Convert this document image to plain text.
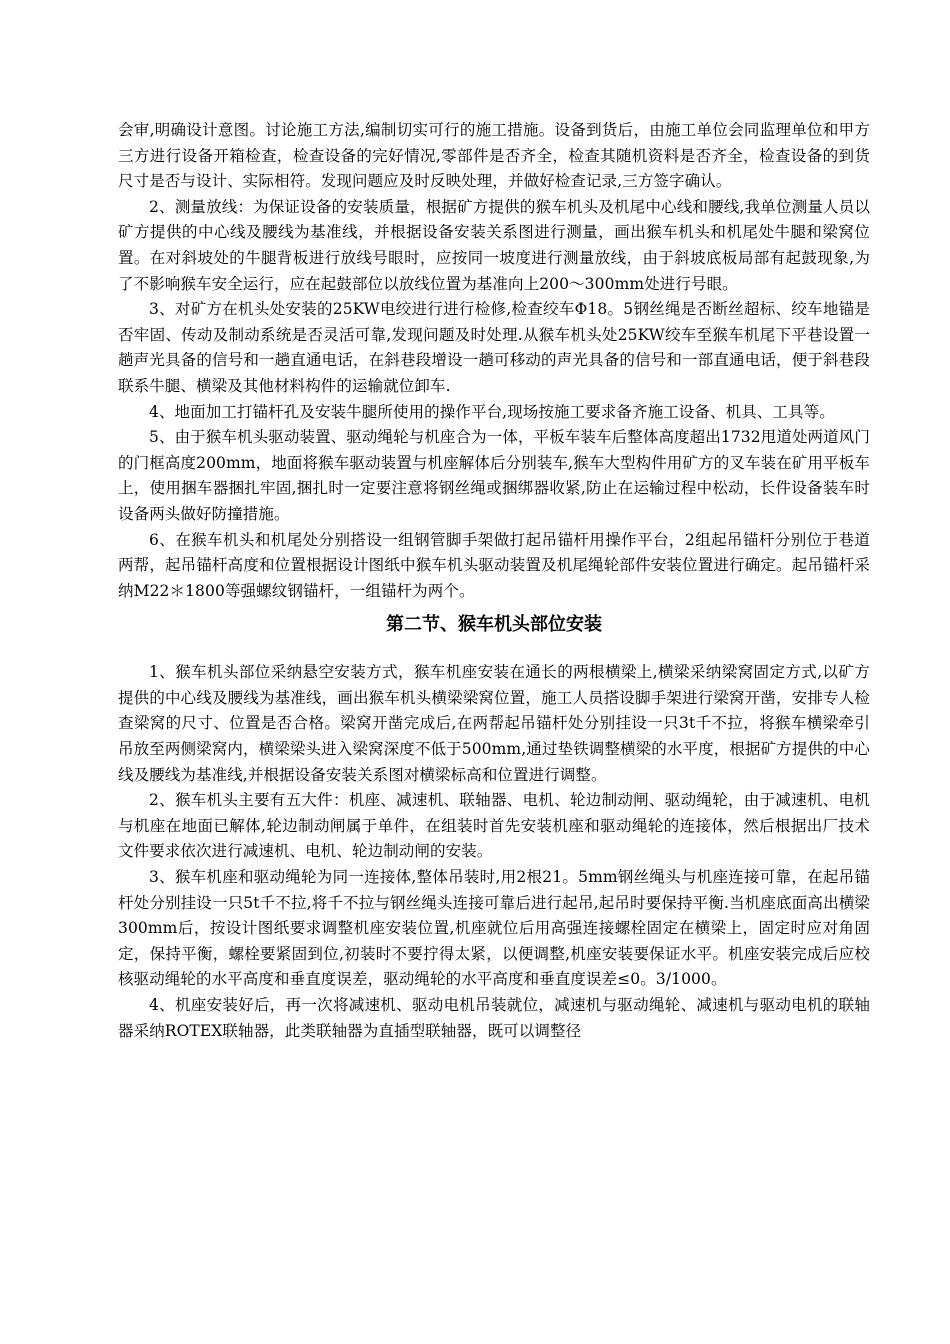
会审,明确设计意图。讨论施工方法,编制切实可行的施工措施。设备到货后，由施工单位会同监理单位和甲方三方进行设备开箱检查，检查设备的完好情况,零部件是否齐全，检查其随机资料是否齐全，检查设备的到货尺寸是否与设计、实际相符。发现问题应及时反映处理，并做好检查记录,三方签字确认。

2、测量放线：为保证设备的安装质量，根据矿方提供的猴车机头及机尾中心线和腰线,我单位测量人员以矿方提供的中心线及腰线为基准线，并根据设备安装关系图进行测量，画出猴车机头和机尾处牛腿和梁窝位置。在对斜坡处的牛腿背板进行放线号眼时，应按同一坡度进行测量放线，由于斜坡底板局部有起鼓现象,为了不影响猴车安全运行，应在起鼓部位以放线位置为基准向上200～300mm处进行号眼。

3、对矿方在机头处安装的25KW电绞进行进行检修,检查绞车Φ18。5钢丝绳是否断丝超标、绞车地锚是否牢固、传动及制动系统是否灵活可靠,发现问题及时处理.从猴车机头处25KW绞车至猴车机尾下平巷设置一趟声光具备的信号和一趟直通电话，在斜巷段增设一趟可移动的声光具备的信号和一部直通电话，便于斜巷段联系牛腿、横梁及其他材料构件的运输就位卸车.

4、地面加工打锚杆孔及安装牛腿所使用的操作平台,现场按施工要求备齐施工设备、机具、工具等。

5、由于猴车机头驱动装置、驱动绳轮与机座合为一体，平板车装车后整体高度超出1732甩道处两道风门的门框高度200mm，地面将猴车驱动装置与机座解体后分别装车,猴车大型构件用矿方的叉车装在矿用平板车上，使用捆车器捆扎牢固,捆扎时一定要注意将钢丝绳或捆绑器收紧,防止在运输过程中松动，长件设备装车时设备两头做好防撞措施。

6、在猴车机头和机尾处分别搭设一组钢管脚手架做打起吊锚杆用操作平台，2组起吊锚杆分别位于巷道两帮，起吊锚杆高度和位置根据设计图纸中猴车机头驱动装置及机尾绳轮部件安装位置进行确定。起吊锚杆采纳M22＊1800等强螺纹钢锚杆，一组锚杆为两个。

第二节、猴车机头部位安装

1、猴车机头部位采纳悬空安装方式，猴车机座安装在通长的两根横梁上,横梁采纳梁窝固定方式,以矿方提供的中心线及腰线为基准线，画出猴车机头横梁梁窝位置，施工人员搭设脚手架进行梁窝开凿，安排专人检查梁窝的尺寸、位置是否合格。梁窝开凿完成后,在两帮起吊锚杆处分别挂设一只3t千不拉，将猴车横梁牵引吊放至两侧梁窝内，横梁梁头进入梁窝深度不低于500mm,通过垫铁调整横梁的水平度，根据矿方提供的中心线及腰线为基准线,并根据设备安装关系图对横梁标高和位置进行调整。

2、猴车机头主要有五大件：机座、减速机、联轴器、电机、轮边制动闸、驱动绳轮，由于减速机、电机与机座在地面已解体,轮边制动闸属于单件，在组装时首先安装机座和驱动绳轮的连接体，然后根据出厂技术文件要求依次进行减速机、电机、轮边制动闸的安装。

3、猴车机座和驱动绳轮为同一连接体,整体吊装时,用2根21。5mm钢丝绳头与机座连接可靠，在起吊锚杆处分别挂设一只5t千不拉,将千不拉与钢丝绳头连接可靠后进行起吊,起吊时要保持平衡.当机座底面高出横梁300mm后，按设计图纸要求调整机座安装位置,机座就位后用高强连接螺栓固定在横梁上，固定时应对角固定，保持平衡，螺栓要紧固到位,初装时不要拧得太紧，以便调整,机座安装要保证水平。机座安装完成后应校核驱动绳轮的水平高度和垂直度误差，驱动绳轮的水平高度和垂直度误差≤0。3/1000。

4、机座安装好后，再一次将减速机、驱动电机吊装就位，减速机与驱动绳轮、减速机与驱动电机的联轴器采纳ROTEX联轴器，此类联轴器为直插型联轴器，既可以调整径
